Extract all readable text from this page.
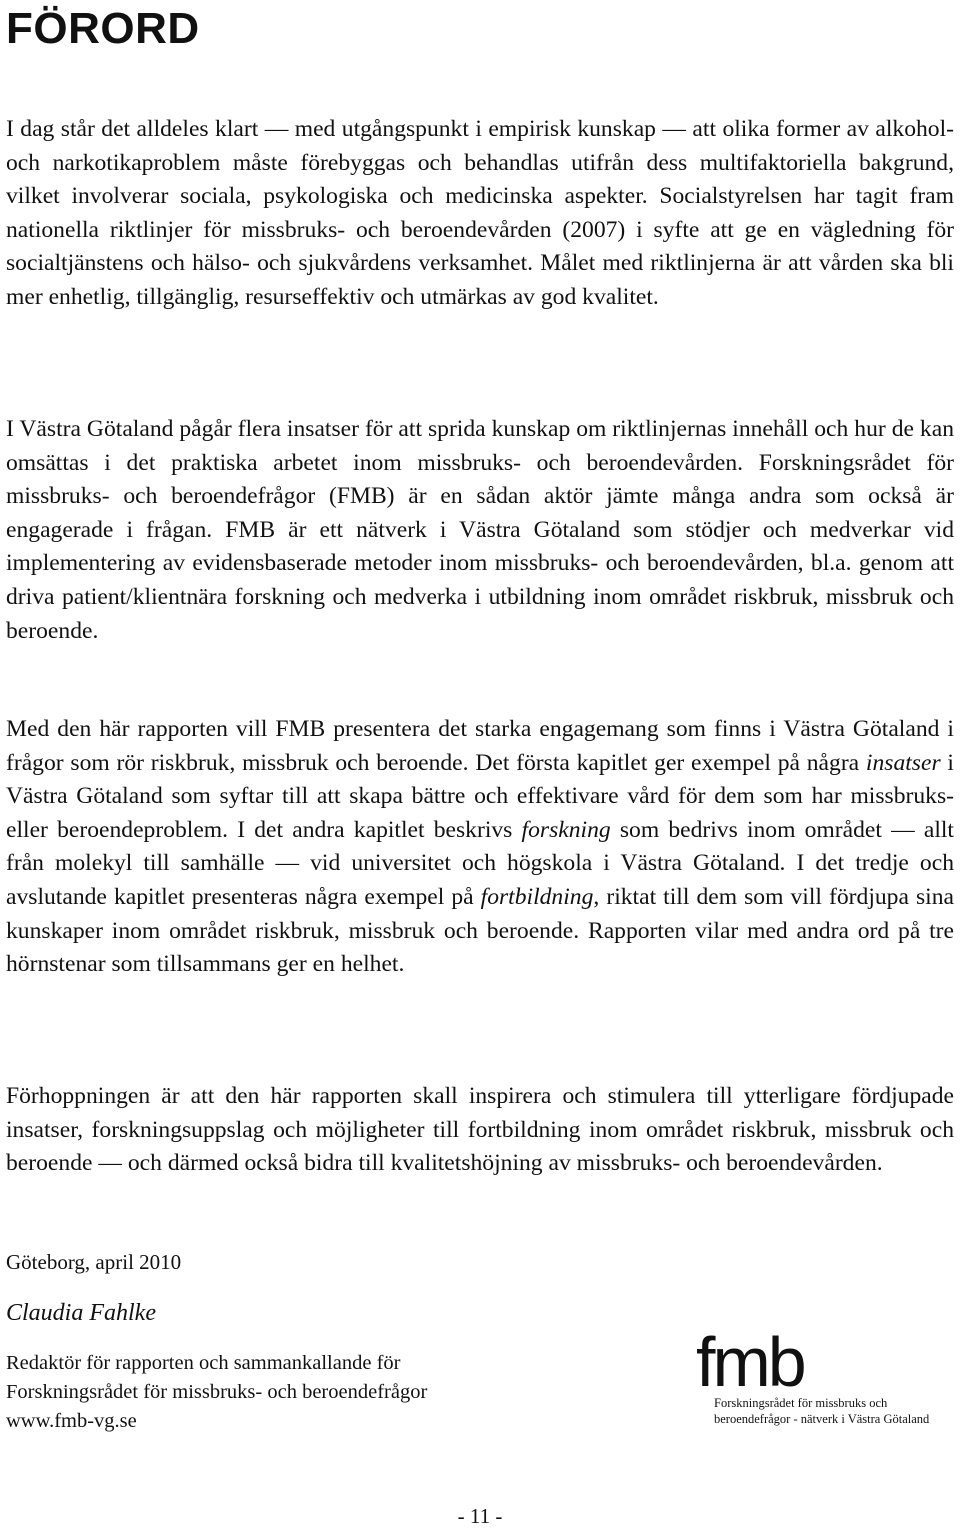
FÖRORD

I dag står det alldeles klart — med utgångspunkt i empirisk kunskap — att olika former av alkohol- och narkotikaproblem måste förebyggas och behandlas utifrån dess multifaktoriella bakgrund, vilket involverar sociala, psykologiska och medicinska aspekter. Socialstyrelsen har tagit fram nationella riktlinjer för missbruks- och beroendevården (2007) i syfte att ge en vägledning för socialtjänstens och hälso- och sjukvårdens verksamhet. Målet med riktlinjerna är att vården ska bli mer enhetlig, tillgänglig, resurseffektiv och utmärkas av god kvalitet.

I Västra Götaland pågår flera insatser för att sprida kunskap om riktlinjernas innehåll och hur de kan omsättas i det praktiska arbetet inom missbruks- och beroendevården. Forskningsrådet för missbruks- och beroendefrågor (FMB) är en sådan aktör jämte många andra som också är engagerade i frågan. FMB är ett nätverk i Västra Götaland som stödjer och medverkar vid implementering av evidensbaserade metoder inom missbruks- och beroendevården, bl.a. genom att driva patient/klientnära forskning och medverka i utbildning inom området riskbruk, missbruk och beroende.

Med den här rapporten vill FMB presentera det starka engagemang som finns i Västra Götaland i frågor som rör riskbruk, missbruk och beroende. Det första kapitlet ger exempel på några insatser i Västra Götaland som syftar till att skapa bättre och effektivare vård för dem som har missbruks- eller beroendeproblem. I det andra kapitlet beskrivs forskning som bedrivs inom området — allt från molekyl till samhälle — vid universitet och högskola i Västra Götaland. I det tredje och avslutande kapitlet presenteras några exempel på fortbildning, riktat till dem som vill fördjupa sina kunskaper inom området riskbruk, missbruk och beroende. Rapporten vilar med andra ord på tre hörnstenar som tillsammans ger en helhet.

Förhoppningen är att den här rapporten skall inspirera och stimulera till ytterligare fördjupade insatser, forskningsuppslag och möjligheter till fortbildning inom området riskbruk, missbruk och beroende — och därmed också bidra till kvalitetshöjning av missbruks- och beroendevården.

Göteborg, april 2010

Claudia Fahlke

Redaktör för rapporten och sammankallande för
Forskningsrådet för missbruks- och beroendefrågor
www.fmb-vg.se

fmb

Forskningsrådet för missbruks och

beroendefrågor - nätverk i Västra Götaland

- 11 -
